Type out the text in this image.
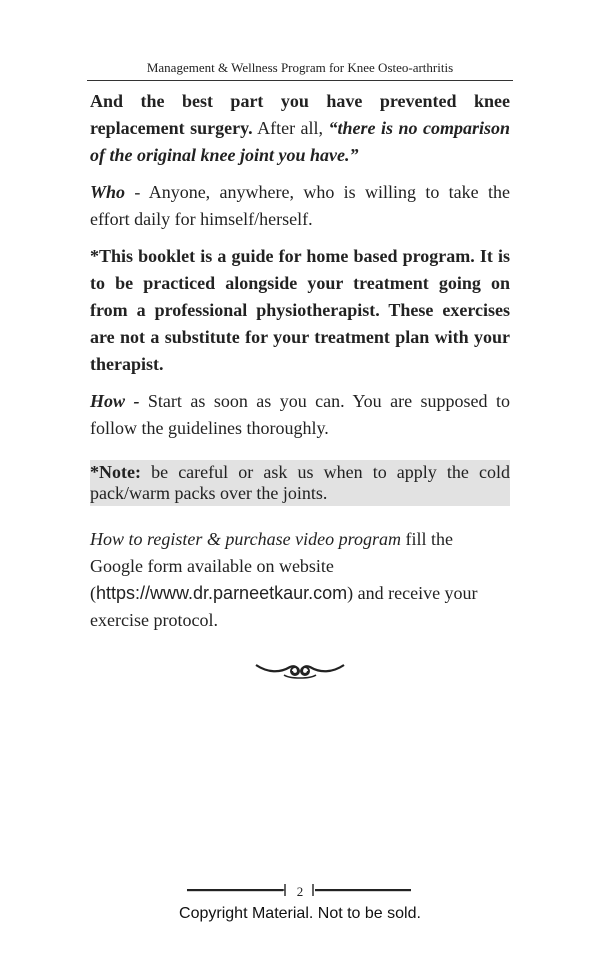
Management & Wellness Program for Knee Osteo-arthritis

And the best part you have prevented knee replacement surgery. After all, “there is no comparison of the original knee joint you have.”

Who - Anyone, anywhere, who is willing to take the effort daily for himself/herself.

*This booklet is a guide for home based program. It is to be practiced alongside your treatment going on from a professional physiotherapist. These exercises are not a substitute for your treatment plan with your therapist.

How - Start as soon as you can. You are supposed to follow the guidelines thoroughly.

*Note: be careful or ask us when to apply the cold pack/warm packs over the joints.

How to register & purchase video program fill the Google form available on website (https://www.dr.parneetkaur.com) and receive your exercise protocol.

2
Copyright Material. Not to be sold.
